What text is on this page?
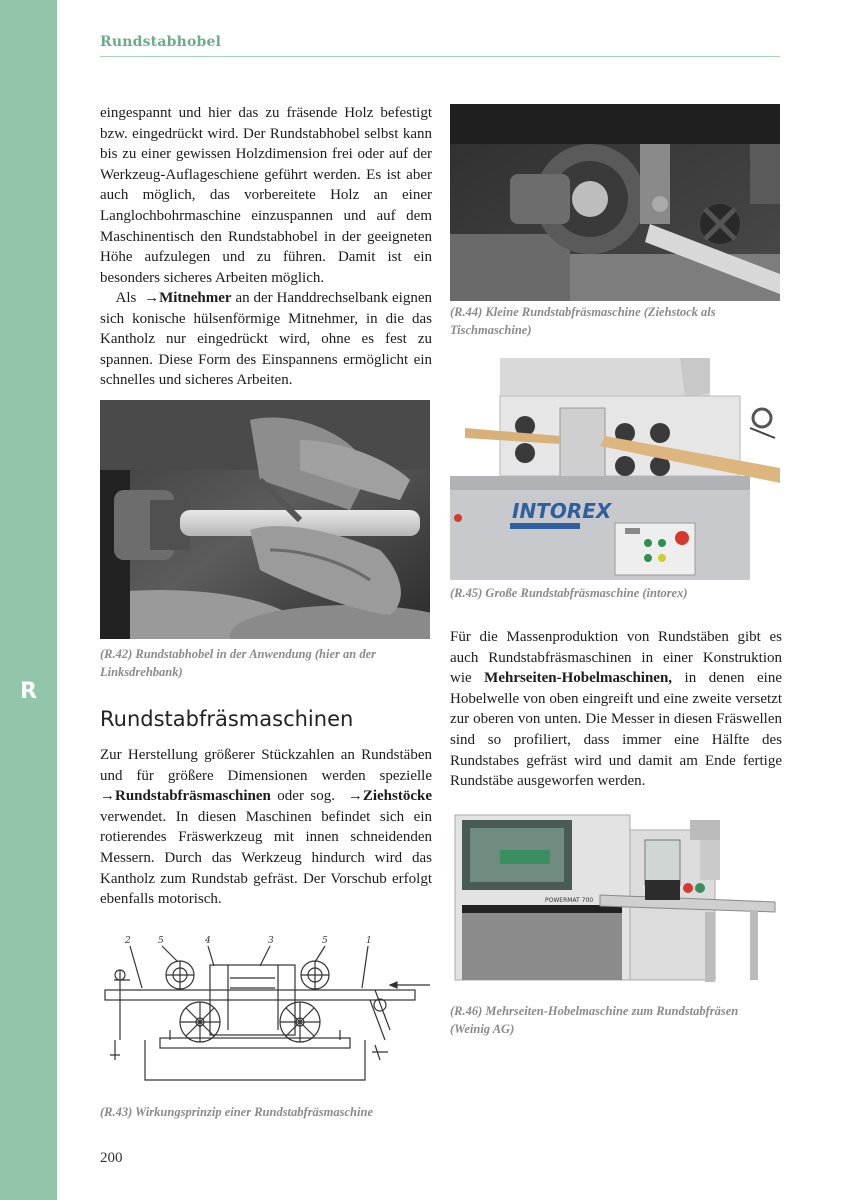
R
Rundstabhobel

eingespannt und hier das zu fräsende Holz befestigt bzw. eingedrückt wird. Der Rundstabhobel selbst kann bis zu einer gewissen Holzdimension frei oder auf der Werkzeug-Auflageschiene geführt werden. Es ist aber auch möglich, das vorbereitete Holz an einer Langlochbohrmaschine einzuspannen und auf dem Maschinentisch den Rundstabhobel in der geeigneten Höhe aufzulegen und zu führen. Damit ist ein besonders sicheres Arbeiten möglich.

Als  →Mitnehmer an der Handdrechselbank eignen sich konische hülsenförmige Mitnehmer, in die das Kantholz nur eingedrückt wird, ohne es fest zu spannen. Diese Form des Einspannens ermöglicht ein schnelles und sicheres Arbeiten.

(R.42) Rundstabhobel in der Anwendung (hier an der Linksdrehbank)

Rundstabfräsmaschinen

Zur Herstellung größerer Stückzahlen an Rundstäben und für größere Dimensionen werden spezielle →Rundstabfräsmaschinen oder sog.  →Ziehstöcke verwendet. In diesen Maschinen befindet sich ein rotierendes Fräswerkzeug mit innen schneidenden Messern. Durch das Werkzeug hindurch wird das Kantholz zum Rundstab gefräst. Der Vorschub erfolgt ebenfalls motorisch.

2	5	4	3	5	1

(R.43) Wirkungsprinzip einer Rundstabfräsmaschine

(R.44) Kleine Rundstabfräsmaschine (Ziehstock als Tischmaschine)

INTOREX

(R.45) Große Rundstabfräsmaschine (intorex)

Für die Massenproduktion von Rundstäben gibt es auch Rundstabfräsmaschinen in einer Konstruktion wie Mehrseiten-Hobelmaschinen, in denen eine Hobelwelle von oben eingreift und eine zweite versetzt zur oberen von unten. Die Messer in diesen Fräswellen sind so profiliert, dass immer eine Hälfte des Rundstabes gefräst wird und damit am Ende fertige Rundstäbe ausgeworfen werden.

POWERMAT 700

(R.46) Mehrseiten-Hobelmaschine zum Rundstabfräsen (Weinig AG)

200
